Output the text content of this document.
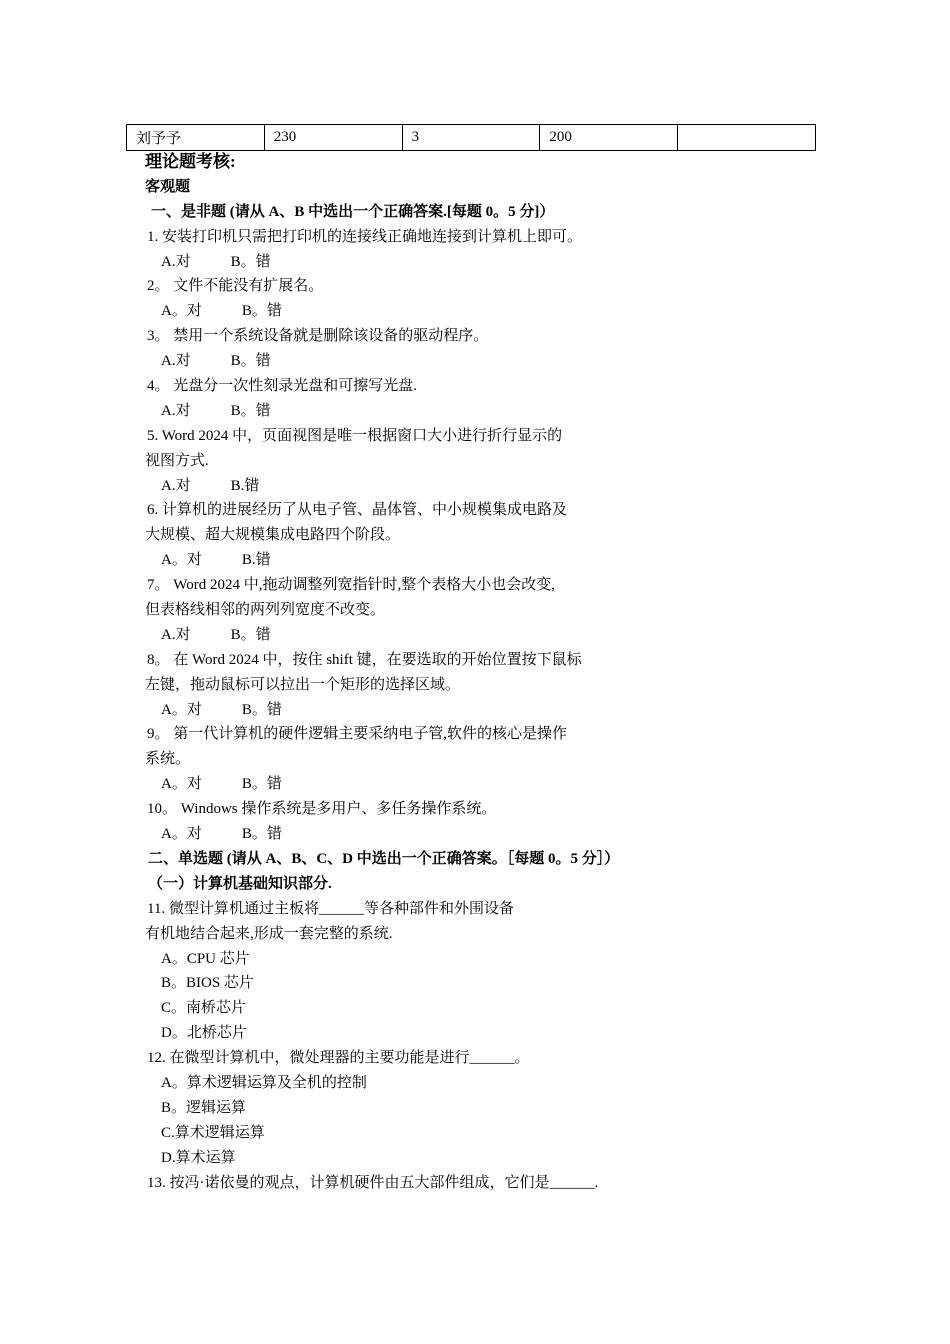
刘予予	230	3	200	
理论题考核:
客观题
一、是非题 (请从 A、B 中选出一个正确答案.[每题 0。5 分]）
1. 安装打印机只需把打印机的连接线正确地连接到计算机上即可。
A.对	B。错
2。 文件不能没有扩展名。
A。对	B。错
3。 禁用一个系统设备就是删除该设备的驱动程序。
A.对	B。错
4。 光盘分一次性刻录光盘和可擦写光盘.
A.对	B。错
5. Word 2024 中，页面视图是唯一根据窗口大小进行折行显示的
视图方式.
A.对	B.错
6. 计算机的进展经历了从电子管、晶体管、中小规模集成电路及
大规模、超大规模集成电路四个阶段。
A。对	B.错
7。 Word 2024 中,拖动调整列宽指针时,整个表格大小也会改变,
但表格线相邻的两列列宽度不改变。
A.对	B。错
8。 在 Word 2024 中，按住 shift 键，在要选取的开始位置按下鼠标
左键，拖动鼠标可以拉出一个矩形的选择区域。
A。对	B。错
9。 第一代计算机的硬件逻辑主要采纳电子管,软件的核心是操作
系统。
A。对	B。错
10。 Windows 操作系统是多用户、多任务操作系统。
A。对	B。错
二、单选题 (请从 A、B、C、D 中选出一个正确答案。［每题 0。5 分］）
（一）计算机基础知识部分.
11. 微型计算机通过主板将______等各种部件和外围设备
有机地结合起来,形成一套完整的系统.
A。CPU 芯片
B。BIOS 芯片
C。南桥芯片
D。北桥芯片
12. 在微型计算机中，微处理器的主要功能是进行______。
A。算术逻辑运算及全机的控制
B。逻辑运算
C.算术逻辑运算
D.算术运算
13. 按冯·诺依曼的观点，计算机硬件由五大部件组成，它们是______.
